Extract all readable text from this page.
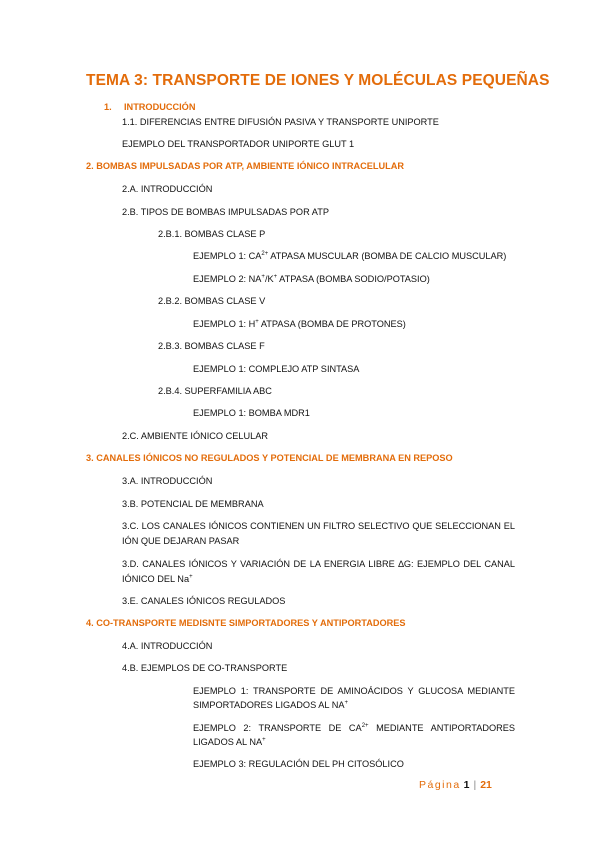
TEMA 3: TRANSPORTE DE IONES Y MOLÉCULAS PEQUEÑAS
1. INTRODUCCIÓN
1.1. DIFERENCIAS ENTRE DIFUSIÓN PASIVA Y TRANSPORTE UNIPORTE
EJEMPLO DEL TRANSPORTADOR UNIPORTE GLUT 1
2. BOMBAS IMPULSADAS POR ATP, AMBIENTE IÓNICO INTRACELULAR
2.A. INTRODUCCIÓN
2.B. TIPOS DE BOMBAS IMPULSADAS POR ATP
2.B.1. BOMBAS CLASE P
EJEMPLO 1: $CA^{2+}$ ATPASA MUSCULAR (BOMBA DE CALCIO MUSCULAR)
EJEMPLO 2: NA+/K+ ATPASA (BOMBA SODIO/POTASIO)
2.B.2. BOMBAS CLASE V
EJEMPLO 1: H+ ATPASA (BOMBA DE PROTONES)
2.B.3. BOMBAS CLASE F
EJEMPLO 1: COMPLEJO ATP SINTASA
2.B.4. SUPERFAMILIA ABC
EJEMPLO 1: BOMBA MDR1
2.C. AMBIENTE IÓNICO CELULAR
3. CANALES IÓNICOS NO REGULADOS Y POTENCIAL DE MEMBRANA EN REPOSO
3.A. INTRODUCCIÓN
3.B. POTENCIAL DE MEMBRANA
3.C. LOS CANALES IÓNICOS CONTIENEN UN FILTRO SELECTIVO QUE SELECCIONAN EL IÓN QUE DEJARAN PASAR
3.D. CANALES IÓNICOS Y VARIACIÓN DE LA ENERGIA LIBRE ∆G: EJEMPLO DEL CANAL IÓNICO DEL Na+
3.E. CANALES IÓNICOS REGULADOS
4. CO-TRANSPORTE MEDISNTE SIMPORTADORES Y ANTIPORTADORES
4.A. INTRODUCCIÓN
4.B. EJEMPLOS DE CO-TRANSPORTE
EJEMPLO 1: TRANSPORTE DE AMINOÁCIDOS Y GLUCOSA MEDIANTE SIMPORTADORES LIGADOS AL NA+
EJEMPLO 2: TRANSPORTE DE $CA^{2+}$ MEDIANTE ANTIPORTADORES LIGADOS AL NA+
EJEMPLO 3: REGULACIÓN DEL PH CITOSÓLICO
Página 1 | 21
